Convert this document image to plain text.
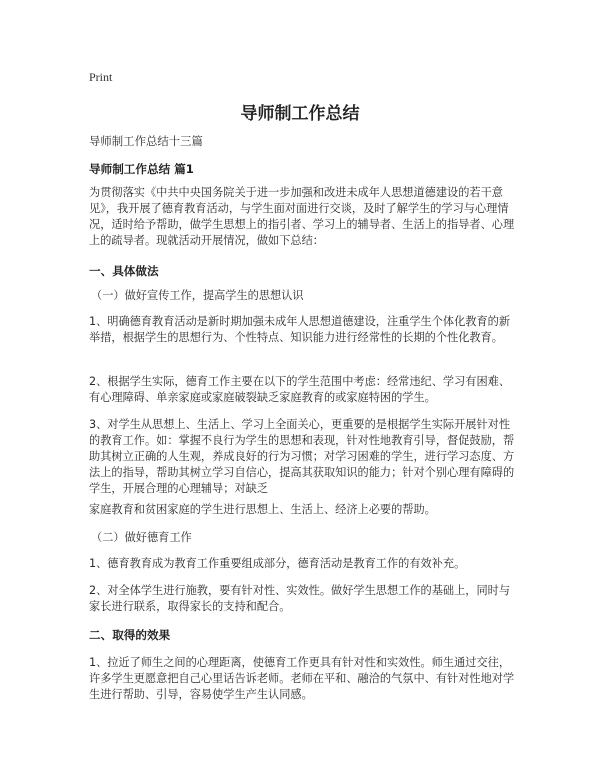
Print
导师制工作总结
导师制工作总结十三篇
导师制工作总结 篇1
为贯彻落实《中共中央国务院关于进一步加强和改进未成年人思想道德建设的若干意见》，我开展了德育教育活动，与学生面对面进行交谈，及时了解学生的学习与心理情况，适时给予帮助，做学生思想上的指引者、学习上的辅导者、生活上的指导者、心理上的疏导者。现就活动开展情况，做如下总结：
一、具体做法
（一）做好宣传工作，提高学生的思想认识
1、明确德育教育活动是新时期加强未成年人思想道德建设，注重学生个体化教育的新举措，根据学生的思想行为、个性特点、知识能力进行经常性的长期的个性化教育。
2、根据学生实际，德育工作主要在以下的学生范围中考虑：经常违纪、学习有困难、有心理障碍、单亲家庭或家庭破裂缺乏家庭教育的或家庭特困的学生。
3、对学生从思想上、生活上、学习上全面关心，更重要的是根据学生实际开展针对性的教育工作。如：掌握不良行为学生的思想和表现，针对性地教育引导，督促鼓励，帮助其树立正确的人生观，养成良好的行为习惯；对学习困难的学生，进行学习态度、方法上的指导，帮助其树立学习自信心，提高其获取知识的能力；针对个别心理有障碍的学生，开展合理的心理辅导；对缺乏
家庭教育和贫困家庭的学生进行思想上、生活上、经济上必要的帮助。
（二）做好德育工作
1、德育教育成为教育工作重要组成部分，德育活动是教育工作的有效补充。
2、对全体学生进行施教，要有针对性、实效性。做好学生思想工作的基础上，同时与家长进行联系，取得家长的支持和配合。
二、取得的效果
1、拉近了师生之间的心理距离，使德育工作更具有针对性和实效性。师生通过交往，许多学生更愿意把自己心里话告诉老师。老师在平和、融洽的气氛中、有针对性地对学生进行帮助、引导，容易使学生产生认同感。
